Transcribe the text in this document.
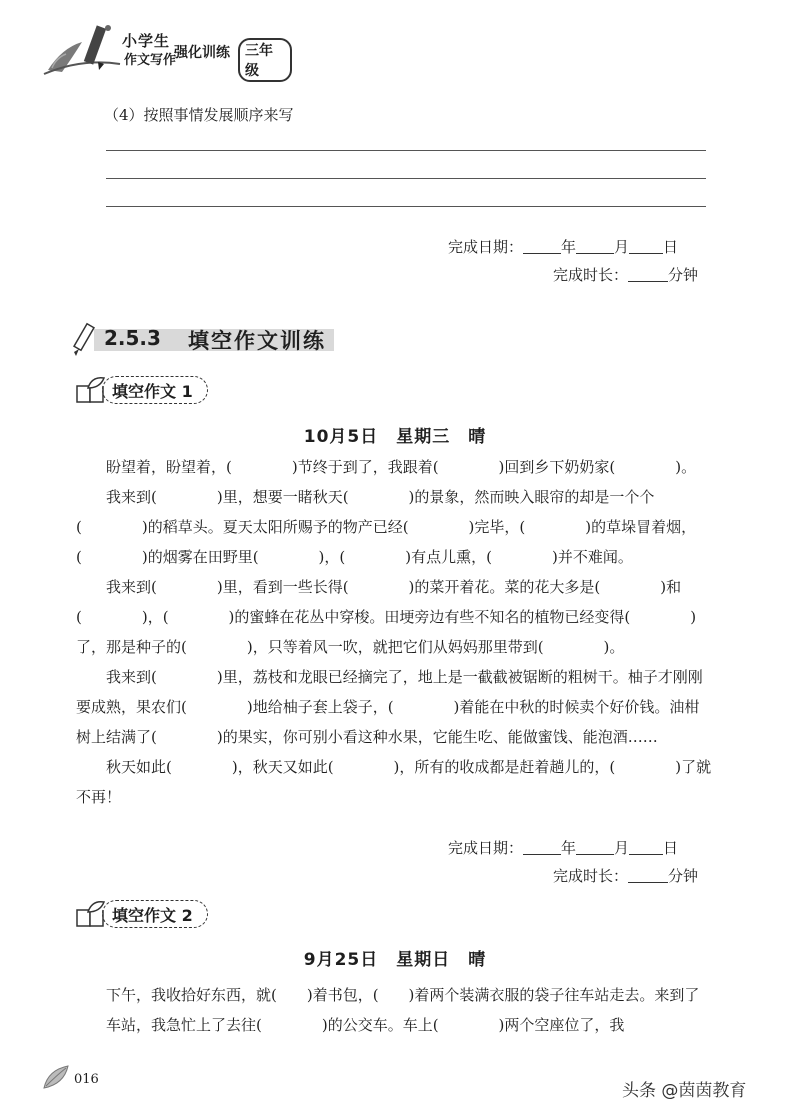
小学生
作文写作
强化训练	三年级
（4）按照事情发展顺序来写
完成日期：	年	月 日
完成时长：	分钟
2.5.3 填空作文训练
填空作文 1
10月5日　星期三　晴

盼望着，盼望着，(　　　　)节终于到了，我跟着(　　　　)回到乡下奶奶家(　　　　)。

　　我来到(　　　　)里，想要一睹秋天(　　　　)的景象，然而映入眼帘的却是一个个(　　　　)的稻草头。夏天太阳所赐予的物产已经(　　　　)完毕，(　　　　)的草垛冒着烟，(　　　　)的烟雾在田野里(　　　　)，(　　　　)有点儿熏，(　　　　)并不难闻。

　　我来到(　　　　)里，看到一些长得(　　　　)的菜开着花。菜的花大多是(　　　　)和(　　　　)，(　　　　)的蜜蜂在花丛中穿梭。田埂旁边有些不知名的植物已经变得(　　　　)了，那是种子的(　　　　)，只等着风一吹，就把它们从妈妈那里带到(　　　　)。

　　我来到(　　　　)里，荔枝和龙眼已经摘完了，地上是一截截被锯断的粗树干。柚子才刚刚要成熟，果农们(　　　　)地给柚子套上袋子，(　　　　)着能在中秋的时候卖个好价钱。油柑树上结满了(　　　　)的果实，你可别小看这种水果，它能生吃、能做蜜饯、能泡酒……

　　秋天如此(　　　　)，秋天又如此(　　　　)，所有的收成都是赶着趟儿的，(　　　　)了就不再！

完成日期：	年	月 日
完成时长：	分钟
填空作文 2
9月25日　星期日　晴

下午，我收拾好东西，就(　　)着书包，(　　)着两个装满衣服的袋子往车站走去。来到了车站，我急忙上了去往(　　　　)的公交车。车上(　　　　)两个空座位了，我

016
头条 @茵茵教育
